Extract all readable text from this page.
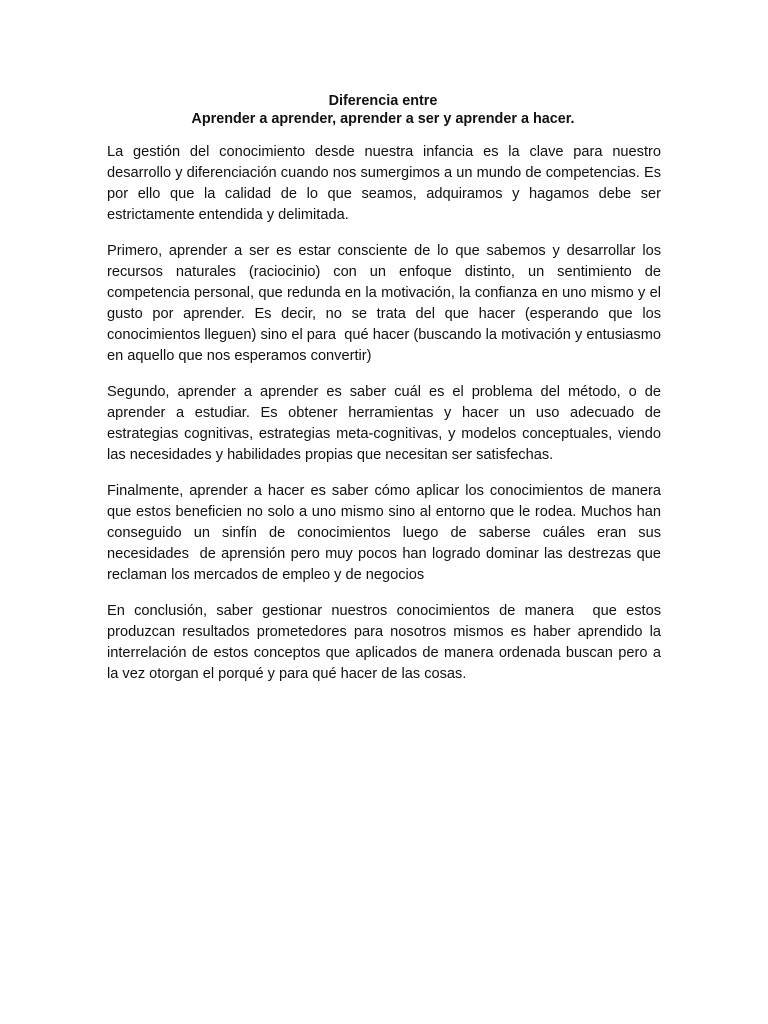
Diferencia entre
Aprender a aprender, aprender a ser y aprender a hacer.

La gestión del conocimiento desde nuestra infancia es la clave para nuestro desarrollo y diferenciación cuando nos sumergimos a un mundo de competencias. Es por ello que la calidad de lo que seamos, adquiramos y hagamos debe ser estrictamente entendida y delimitada.

Primero, aprender a ser es estar consciente de lo que sabemos y desarrollar los recursos naturales (raciocinio) con un enfoque distinto, un sentimiento de competencia personal, que redunda en la motivación, la confianza en uno mismo y el gusto por aprender. Es decir, no se trata del que hacer (esperando que los conocimientos lleguen) sino el para  qué hacer (buscando la motivación y entusiasmo en aquello que nos esperamos convertir)

Segundo, aprender a aprender es saber cuál es el problema del método, o de aprender a estudiar. Es obtener herramientas y hacer un uso adecuado de estrategias cognitivas, estrategias meta-cognitivas, y modelos conceptuales, viendo las necesidades y habilidades propias que necesitan ser satisfechas.

Finalmente, aprender a hacer es saber cómo aplicar los conocimientos de manera que estos beneficien no solo a uno mismo sino al entorno que le rodea. Muchos han conseguido un sinfín de conocimientos luego de saberse cuáles eran sus necesidades  de aprensión pero muy pocos han logrado dominar las destrezas que reclaman los mercados de empleo y de negocios

En conclusión, saber gestionar nuestros conocimientos de manera  que estos produzcan resultados prometedores para nosotros mismos es haber aprendido la interrelación de estos conceptos que aplicados de manera ordenada buscan pero a la vez otorgan el porqué y para qué hacer de las cosas.
